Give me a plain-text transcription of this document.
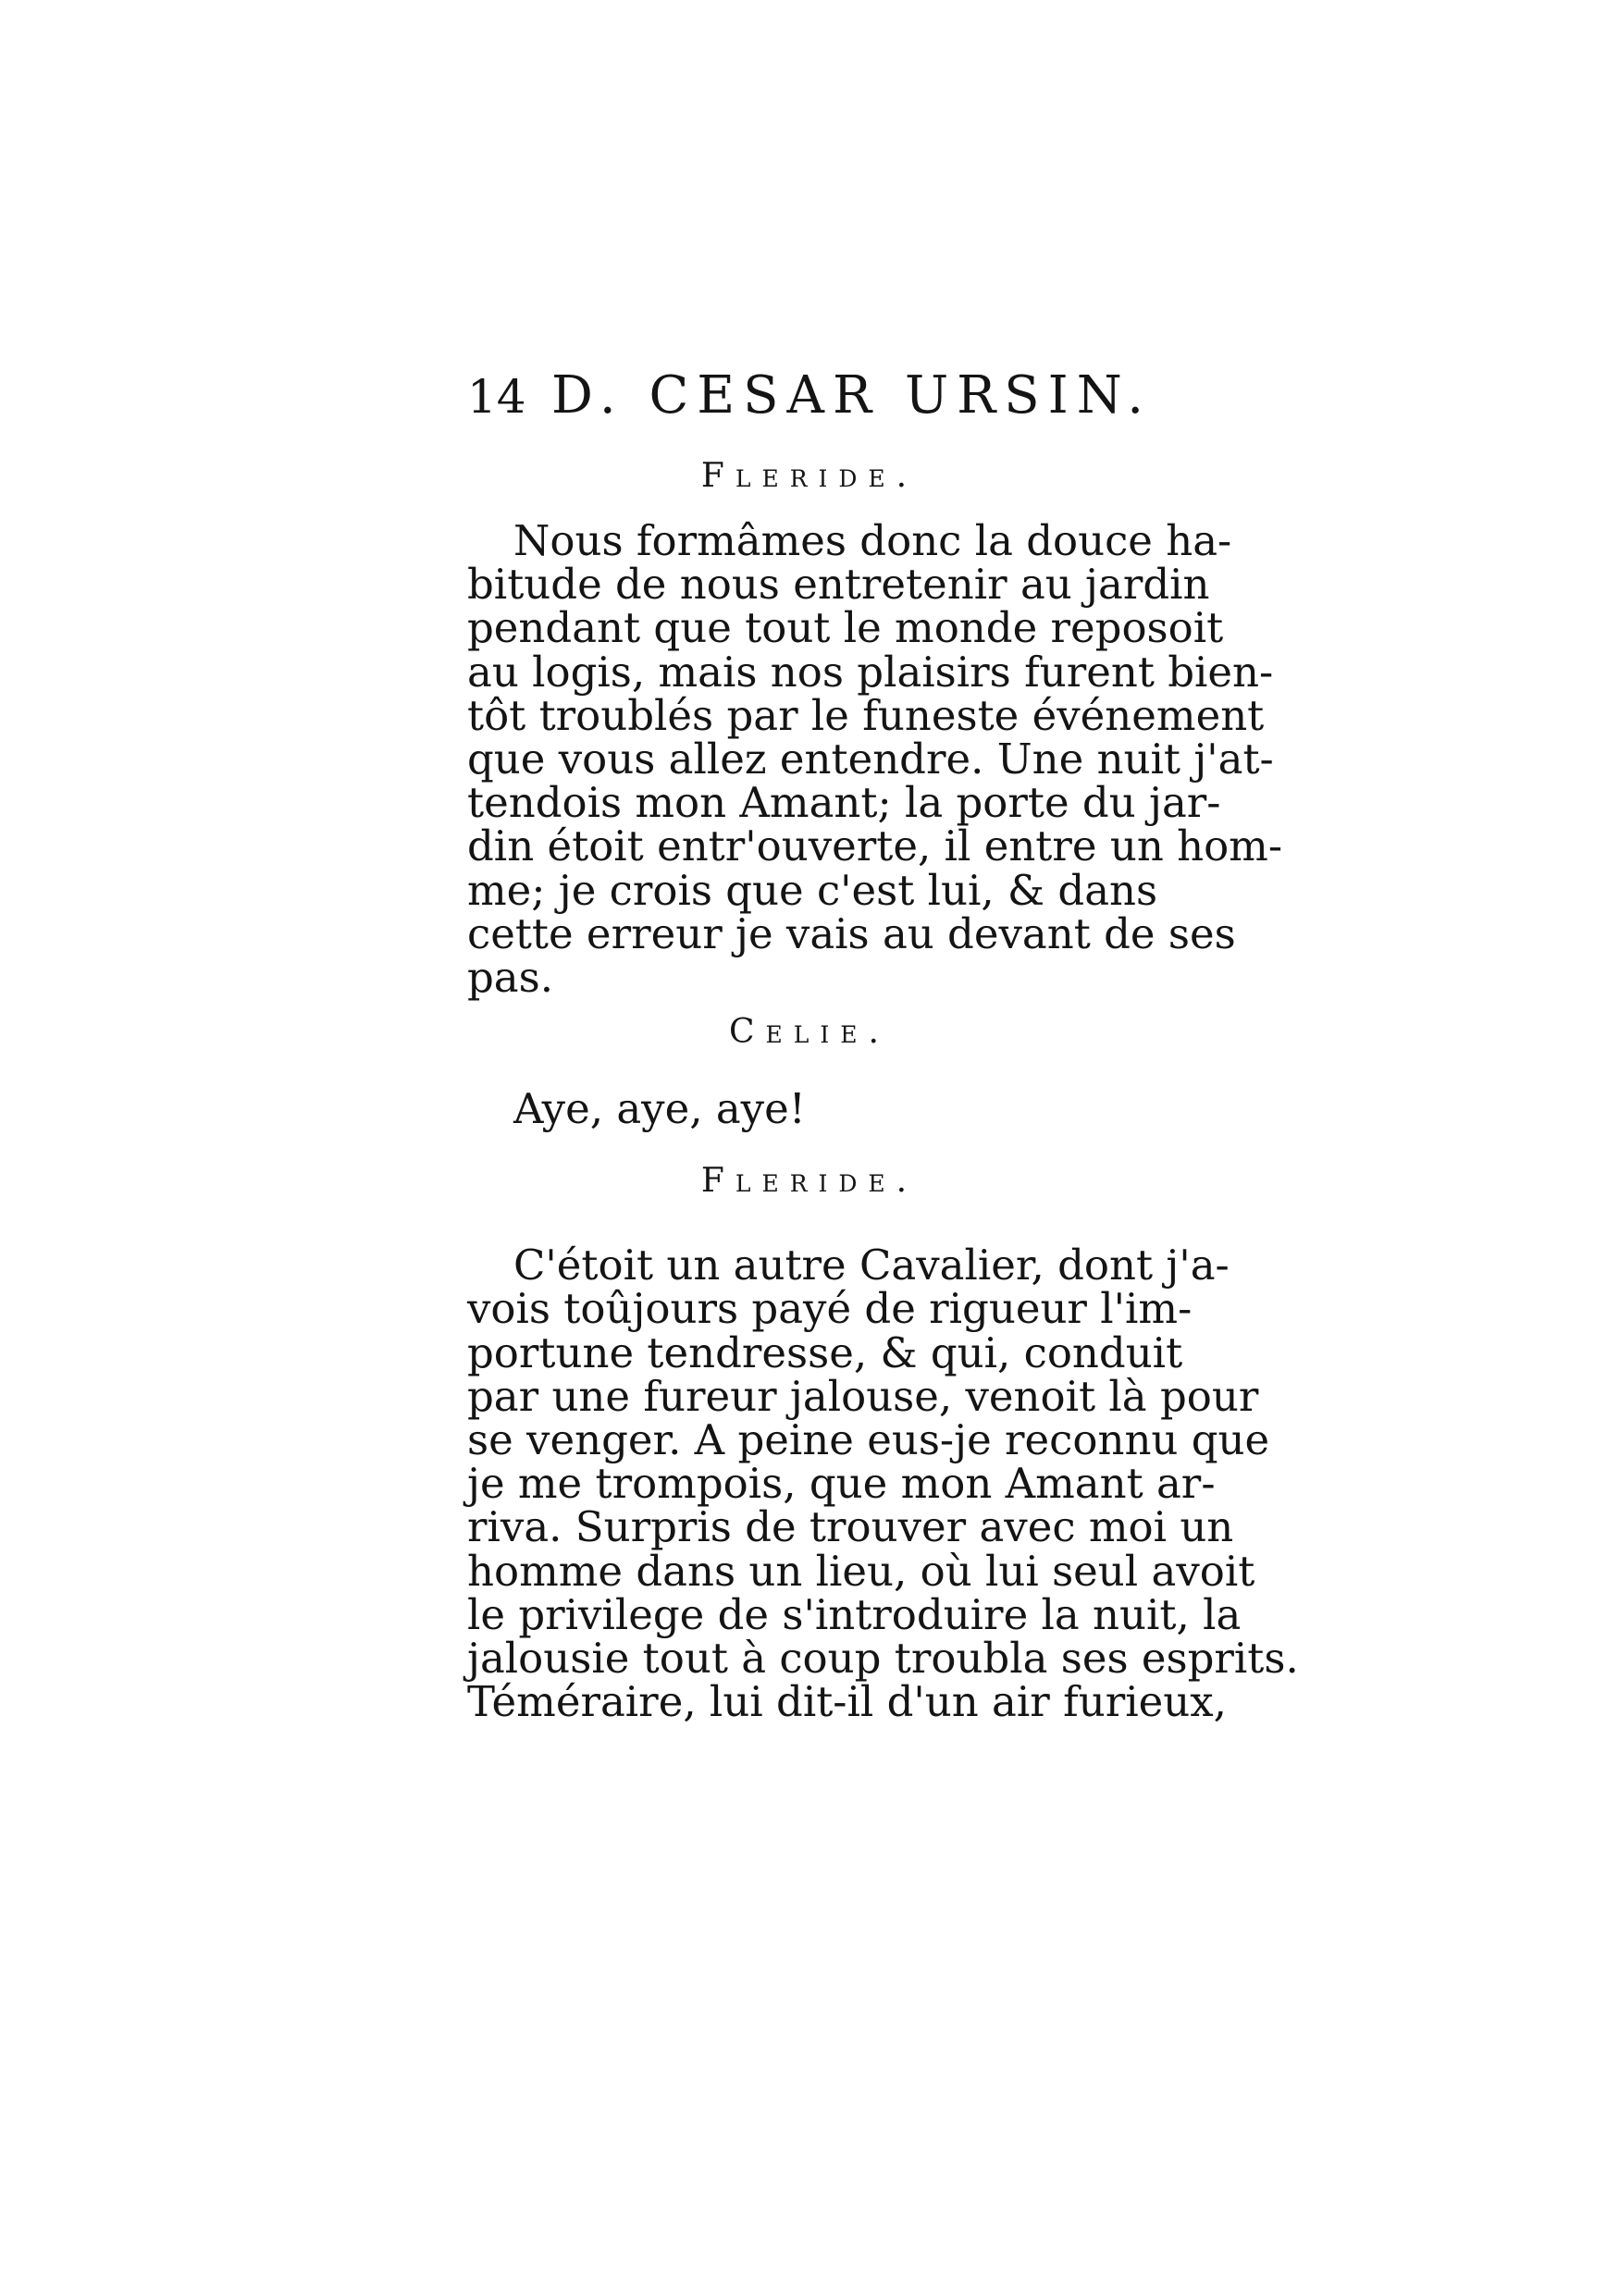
14 D. CESAR URSIN.
Fleride.

Nous formâmes donc la douce ha-
bitude de nous entretenir au jardin
pendant que tout le monde reposoit
au logis, mais nos plaisirs furent bien-
tôt troublés par le funeste événement
que vous allez entendre. Une nuit j'at-
tendois mon Amant; la porte du jar-
din étoit entr'ouverte, il entre un hom-
me; je crois que c'est lui, & dans
cette erreur je vais au devant de ses
pas.

Celie.

Aye, aye, aye!

Fleride.

C'étoit un autre Cavalier, dont j'a-
vois toûjours payé de rigueur l'im-
portune tendresse, & qui, conduit
par une fureur jalouse, venoit là pour
se venger. A peine eus-je reconnu que
je me trompois, que mon Amant ar-
riva. Surpris de trouver avec moi un
homme dans un lieu, où lui seul avoit
le privilege de s'introduire la nuit, la
jalousie tout à coup troubla ses esprits.
Téméraire, lui dit-il d'un air furieux,
